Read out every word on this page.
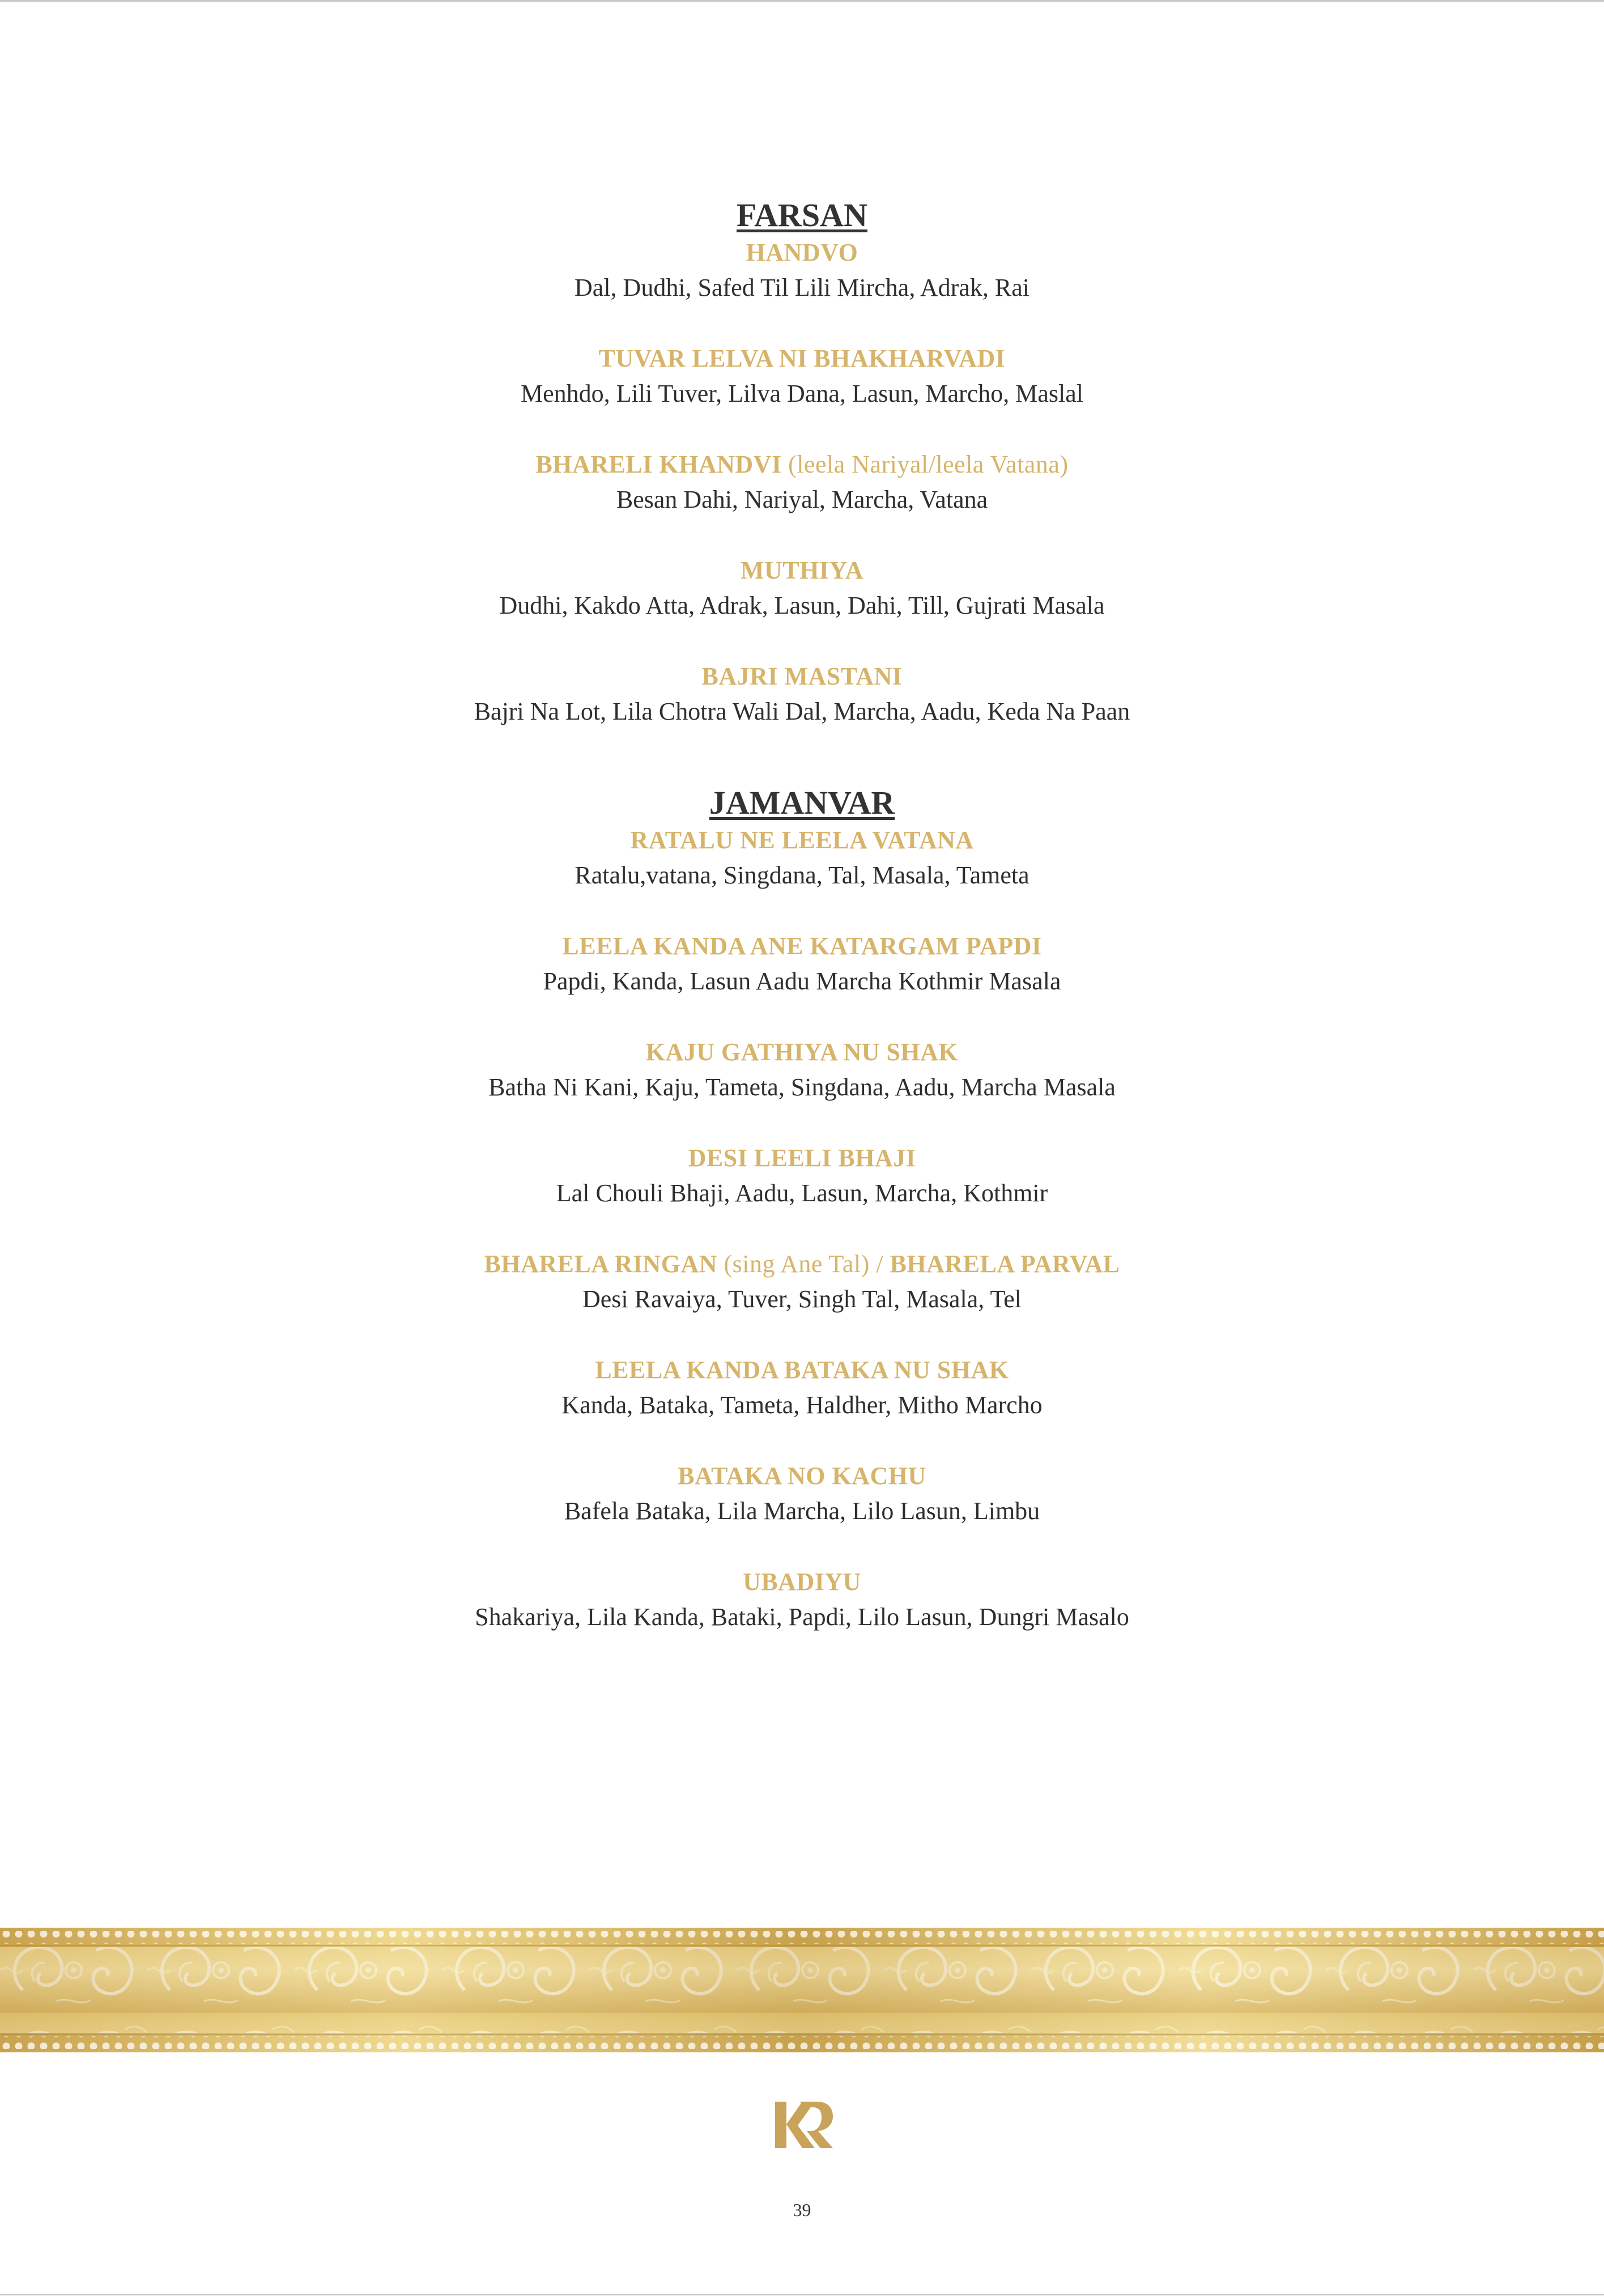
FARSAN
HANDVO
Dal, Dudhi, Safed Til Lili Mircha, Adrak, Rai
TUVAR LELVA NI BHAKHARVADI
Menhdo, Lili Tuver, Lilva Dana, Lasun, Marcho, Maslal
BHARELI KHANDVI (leela Nariyal/leela Vatana)
Besan Dahi, Nariyal, Marcha, Vatana
MUTHIYA
Dudhi, Kakdo Atta, Adrak, Lasun, Dahi, Till, Gujrati Masala
BAJRI MASTANI
Bajri Na Lot, Lila Chotra Wali Dal, Marcha, Aadu, Keda Na Paan
JAMANVAR
RATALU NE LEELA VATANA
Ratalu,vatana, Singdana, Tal, Masala, Tameta
LEELA KANDA ANE KATARGAM PAPDI
Papdi, Kanda, Lasun Aadu Marcha Kothmir Masala
KAJU GATHIYA NU SHAK
Batha Ni Kani, Kaju, Tameta, Singdana, Aadu, Marcha Masala
DESI LEELI BHAJI
Lal Chouli Bhaji, Aadu, Lasun, Marcha, Kothmir
BHARELA RINGAN (sing Ane Tal) / BHARELA PARVAL
Desi Ravaiya, Tuver, Singh Tal, Masala, Tel
LEELA KANDA BATAKA NU SHAK
Kanda, Bataka, Tameta, Haldher, Mitho Marcho
BATAKA NO KACHU
Bafela Bataka, Lila Marcha, Lilo Lasun, Limbu
UBADIYU
Shakariya, Lila Kanda, Bataki, Papdi, Lilo Lasun, Dungri Masalo
39
